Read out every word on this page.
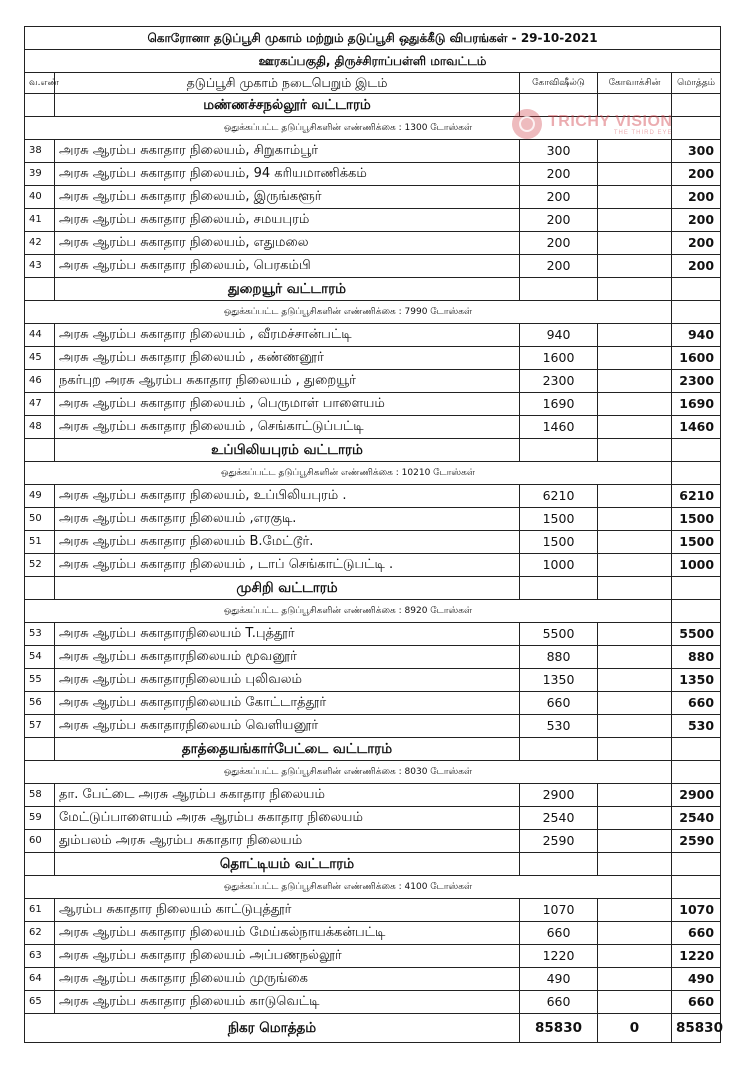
கொரோனா தடுப்பூசி முகாம் மற்றும் தடுப்பூசி ஒதுக்கீடு விபரங்கள் - 29-10-2021				
ஊரகப்பகுதி, திருச்சிராப்பள்ளி மாவட்டம்				
வ.எண்	தடுப்பூசி முகாம் நடைபெறும் இடம்	கோவிஷீல்டு	கோவாக்சின்	மொத்தம்
	மண்ணச்சநல்லூர் வட்டாரம்			
ஒதுக்கப்பட்ட தடுப்பூசிகளின் எண்ணிக்கை : 1300 டோஸ்கள்				
38	அரசு ஆரம்ப சுகாதார நிலையம், சிறுகாம்பூர்	300		300
39	அரசு ஆரம்ப சுகாதார நிலையம், 94 கரியமாணிக்கம்	200		200
40	அரசு ஆரம்ப சுகாதார நிலையம், இருங்களூர்	200		200
41	அரசு ஆரம்ப சுகாதார நிலையம், சமயபுரம்	200		200
42	அரசு ஆரம்ப சுகாதார நிலையம், எதுமலை	200		200
43	அரசு ஆரம்ப சுகாதார நிலையம், பெரகம்பி	200		200
	துறையூர் வட்டாரம்			
ஒதுக்கப்பட்ட தடுப்பூசிகளின் எண்ணிக்கை : 7990 டோஸ்கள்				
44	அரசு ஆரம்ப சுகாதார நிலையம் , வீரமச்சான்பட்டி	940		940
45	அரசு ஆரம்ப சுகாதார நிலையம் , கண்ணனூர்	1600		1600
46	நகர்புற அரசு ஆரம்ப சுகாதார நிலையம் , துறையூர்	2300		2300
47	அரசு ஆரம்ப சுகாதார நிலையம் , பெருமாள் பாளையம்	1690		1690
48	அரசு ஆரம்ப சுகாதார நிலையம் , செங்காட்டுப்பட்டி	1460		1460
	உப்பிலியபுரம் வட்டாரம்			
ஒதுக்கப்பட்ட தடுப்பூசிகளின் எண்ணிக்கை : 10210 டோஸ்கள்				
49	அரசு ஆரம்ப சுகாதார நிலையம், உப்பிலியபுரம் .	6210		6210
50	அரசு ஆரம்ப சுகாதார நிலையம் ,எரகுடி.	1500		1500
51	அரசு ஆரம்ப சுகாதார நிலையம் B.மேட்டூர்.	1500		1500
52	அரசு ஆரம்ப சுகாதார நிலையம் , டாப் செங்காட்டுபட்டி .	1000		1000
	முசிறி வட்டாரம்			
ஒதுக்கப்பட்ட தடுப்பூசிகளின் எண்ணிக்கை : 8920 டோஸ்கள்				
53	அரசு ஆரம்ப சுகாதாரநிலையம் T.புத்தூர்	5500		5500
54	அரசு ஆரம்ப சுகாதாரநிலையம் மூவனூர்	880		880
55	அரசு ஆரம்ப சுகாதாரநிலையம் புலிவலம்	1350		1350
56	அரசு ஆரம்ப சுகாதாரநிலையம் கோட்டாத்தூர்	660		660
57	அரசு ஆரம்ப சுகாதாரநிலையம் வெளியனூர்	530		530
	தாத்தையங்கார்பேட்டை வட்டாரம்			
ஒதுக்கப்பட்ட தடுப்பூசிகளின் எண்ணிக்கை : 8030 டோஸ்கள்				
58	தா. பேட்டை அரசு ஆரம்ப சுகாதார நிலையம்	2900		2900
59	மேட்டுப்பாளையம் அரசு ஆரம்ப சுகாதார நிலையம்	2540		2540
60	தும்பலம் அரசு ஆரம்ப சுகாதார நிலையம்	2590		2590
	தொட்டியம் வட்டாரம்			
ஒதுக்கப்பட்ட தடுப்பூசிகளின் எண்ணிக்கை : 4100 டோஸ்கள்				
61	ஆரம்ப சுகாதார நிலையம் காட்டுபுத்தூர்	1070		1070
62	அரசு ஆரம்ப சுகாதார நிலையம் மேய்கல்நாயக்கன்பட்டி	660		660
63	அரசு ஆரம்ப சுகாதார நிலையம் அப்பணநல்லூர்	1220		1220
64	அரசு ஆரம்ப சுகாதார நிலையம் முருங்கை	490		490
65	அரசு ஆரம்ப சுகாதார நிலையம் காடுவெட்டி	660		660
நிகர மொத்தம்		85830	0	85830
TRICHY VISION
THE THIRD EYE
